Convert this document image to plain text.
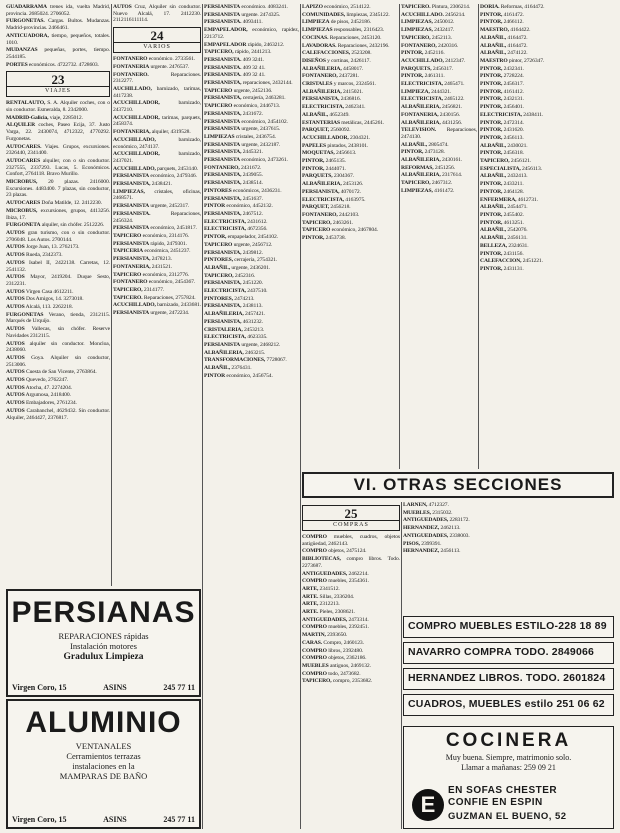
GUADARRAMA trenes ida, vuelta Madrid, provincia. 2685024. 2706052.

FURGONETAS. Cargas. Bultos. Mudanzas. Madrid-provincias. 2466461.

ANTICUADORA, tiempo, pequeños, totales. 1010.

MUDANZAS pequeñas, portes, tiempo. 2544185.

PORTES económicos. 4722732. 4728603.

23
VIAJES

RENTALAUTO, S. A. Alquiler coches, con o sin conductor. Esmeralda, 8. 2342000.

MADRID-Galicia, viaje, 2285012.

ALQUILER coches, Paseo Ecija, 37. Justo Varga, 22. 2430074, 4712322, 4770292. Furgonetas.

AUTOCARES. Viajes. Grupos, excursiones. 2326440, 2341400.

AUTOCARES alquiler, con o sin conductor. 2327555, 2337293. Lucas, 5. Económicos. Confort, 2764118. Bravo Murillo.

MICROBUS, 20 plazas. 2416000. Excursiones. 4483400. 7 plazas, sin conductor, 23 plazas.

AUTOCARES Doña Matilde, 12. 2412230.

MICROBUS, excursiones, grupos, 4413256. Ibiza, 17.

FURGONETA alquiler, sin chófer. 2512226.

AUTOS gran turismo, con o sin conductor. 2706048. Los Autos. 2700144.

AUTOS Jorge Juan, 13. 2762173.

AUTOS Rueda, 2342373.

AUTOS Isabel II, 2422138. Carretas, 12. 2541132.

AUTOS Mayor, 2419204. Duque Sesto, 2312231.

AUTOS Virgen Casa 4612211.

AUTOS Dos Amigos, 14. 3273018.

AUTOS Alcalá, 113. 2262218.

FURGONETAS Verano, tienda, 2312115. Marqués de Urquijo.

AUTOS Vallecas, sin chófer. Reserve Navidades 2312115.

AUTOS alquiler sin conductor. Moncloa, 2438060.

AUTOS Goya. Alquiler sin conductor, 2513006.

AUTOS Cuesta de San Vicente, 2763864.

AUTOS Quevedo, 2762247.

AUTOS Atocha, 47. 2274204.

AUTOS Argumosa, 2418400.

AUTOS Embajadores, 2761234.

AUTOS Carabanchel, 4629432. Sin conductor. Alquiler, 2464427, 2376817.

AUTOS Cruz, Alquiler sin conductor. Nuevo Alcalá, 17. 2412230. 2112116111114.

24
VARIOS

FONTANERO económico. 2733561.

FONTANERIA urgente. 2476537.

FONTANERO. Reparaciones. 2312277.

AUCHILLADO, barnizado, tarimas, 4417238.

ACUCHILLADOR, barnizado, 2437210.

ACUCHILLADOR, tarimas, parquets, 2458374.

FONTANERIA, alquiler, 4319528.

ACUCHILLADO, barnizado, económico, 2474137.

ACUCHILLADOR, barnizado, 2437021.

ACUCHILLADO, parquets, 2453140.

PERSIANISTA económico, 2479346.

PERSIANISTA, 2438421.

LIMPIEZAS, cristales, oficinas, 2468571.

PERSIANISTA urgente, 2452317.

PERSIANISTA. Reparaciones, 2456324.

PERSIANISTA económico, 2451817.

TAPICERO económico, 2314176.

PERSIANISTA rápido, 2479301.

TAPICERIA económica, 2451237.

PERSIANISTA, 2478213.

FONTANERIA, 2431521.

TAPICERO económico, 2312776.

FONTANERO económico, 2454367.

TAPICERO, 2314177.

TAPICERO. Reparaciones, 2757824.

ACUCHILLADO, barnizado, 2433681.

PERSIANISTA urgente, 2472234.

PERSIANISTA económico. 4083241.

PERSIANISTA urgente. 2474325.

PERSIANISTA. 4093411.

EMPAPELADOR, económico, rapidez, 2213712.

EMPAPELADOR rápido, 2463212.

TAPICERO, rápido, 2441213.

PERSIANISTA. 409 3241.

PERSIANISTA. 409 32 41.

PERSIANISTA. 409 32 41.

PERSIANISTA, reparaciones, 2432144.

TAPICERO urgente, 2452136.

PERSIANISTA, cerrajería, 2463281.

TAPICERO económico, 2446713.

PERSIANISTA, 2431672.

PERSIANISTA económico, 2454102.

PERSIANISTA urgente, 2437615.

LIMPIEZAS cristales, 2436754.

PERSIANISTA urgente, 2432187.

PERSIANISTA, 2445321.

PERSIANISTA económico, 2473261.

FONTANERO, 2431672.

PERSIANISTA, 2439055.

PERSIANISTA, 2438514.

PINTORES económicos, 2436231.

PERSIANISTA, 2451637.

PINTOR económico, 4452132.

PERSIANISTA, 2467512.

ELECTRICISTA, 2431612.

ELECTRICISTA, 4672356.

PINTOR, empapelador, 2454102.

TAPICERO urgente, 2456712.

PERSIANISTA, 2439812.

PINTORES, cerrajería, 2754321.

ALBAÑIL, urgente, 2436201.

TAPICERO, 2452316.

PERSIANISTA, 2451220.

ELECTRICISTA, 2437510.

PINTORES, 2474213.

PERSIANISTA, 2438113.

ALBAÑILERIA, 2457421.

PERSIANISTA, 4631232.

CRISTALERIA, 2453213.

ELECTRICISTA, 4623335.

PERSIANISTA urgente, 2468212.

ALBAÑILERIA, 2463215.

TRANSFORMACIONES, 7728067.

ALBAÑIL, 2376431.

PINTOR económico, 2456754.

LAPIZO económico, 2514122.

COMUNIDADES, limpiezas, 2345122.

LIMPIEZA de pisos, 2452186.

LIMPIEZAS responsables, 2316423.

COCINAS. Reparaciones, 2453120.

LAVADORAS. Reparaciones, 2432196.

CALEFACCIONES, 2523208.

DISEÑOS y cortinas, 2426117.

ALBAÑILERIA, 4458017.

FONTANERO, 2437281.

CRISTALES y marcos, 2324561.

ALBAÑILERIA, 2415021.

PERSIANISTA, 2436816.

ELECTRICISTA, 2462341.

ALBAÑIL, 4652349.

ESTANTERIAS metálicas, 2445261.

PARQUET, 2560092.

ACUCHILLADOR, 2304321.

PAPELES pintados, 2438101.

MOQUETAS, 2456613.

PINTOR, 2465135.

PINTOR, 2444071.

PARQUETS, 2304367.

ALBAÑILERIA, 2453126.

PERSIANISTA, 4070172.

ELECTRICISTA, 4163975.

PARQUET, 2456218.

FONTANERO, 2442103.

TAPICERO, 2463261.

TAPICERO económico, 2467804.

PINTOR, 2453738.

TAPICERO. Pintura, 2306214.

ACUCHILLADO. 2456214.

LIMPIEZAS, 2450012.

LIMPIEZAS, 2432417.

TAPICERO, 2452113.

FONTANERO, 2420316.

PINTOR, 2452116.

ACUCHILLADO, 2412347.

PARQUETS, 2456317.

PINTOR, 2461311.

ELECTRICISTA, 2465471.

LIMPIEZA, 2444321.

ELECTRICISTA, 2465122.

ALBAÑILERIA, 2456821.

FONTANERIA, 2430156.

ALBAÑILERIA, 4431256.

TELEVISION. Reparaciones, 2474130.

ALBAÑIL, 2805474.

PINTOR, 2473128.

ALBAÑILERIA, 2430161.

REFORMAS, 2451256.

ALBAÑILERIA, 2317614.

TAPICERO, 2467312.

LIMPIEZAS, 4161472.

DORIA. Reformas, 4164472.

PINTOR, 4161472.

PINTOR, 2466112.

MAESTRO, 4164422.

ALBAÑIL, 4164472.

ALBAÑIL, 4164472.

ALBAÑIL, 2474122.

MAESTRO pintor, 2726347.

PINTOR, 2432341.

PINTOR, 2728224.

PINTOR, 2456317.

PINTOR, 4161412.

PINTOR, 2432131.

PINTOR, 2456401.

ELECTRICISTA, 2438411.

PINTOR, 2472314.

PINTOR, 2431620.

PINTOR, 2456113.

ALBAÑIL, 2430021.

PINTOR, 2456318.

TAPICERO, 2456121.

ESPECIALISTA, 2456113.

ALBAÑIL, 2432413.

PINTOR, 2433211.

PINTOR, 2464128.

ENFERMERA, 4612731.

ALBAÑIL, 2454471.

PINTOR, 2455402.

PINTOR, 4613251.

ALBAÑIL, 2542076.

ALBAÑIL, 2456131.

BELLEZA, 2324631.

PINTOR, 2431156.

CALEFACCION, 2451221.

PINTOR, 2431131.

PERSIANAS
REPARACIONES rápidas
Instalación motores
Gradulux Limpieza
Virgen Coro, 15	ASINS	245 77 11
ALUMINIO
VENTANALES
Cerramientos terrazas
instalaciones en la
MAMPARAS DE BAÑO
Virgen Coro, 15	ASINS	245 77 11
VI. OTRAS SECCIONES
25
COMPRAS

COMPRO muebles, cuadros, objetos antigüedad, 2462143.

COMPRO objetos, 2475124.

BIBLIOTECAS, compro libros. Todo. 2273687.

ANTIGUEDADES, 2462214.

COMPRO muebles, 2354361.

ARTE, 2341512.

ARTE. Sillas, 2336204.

ARTE, 2312213.

ARTE. Pieles, 2308621.

ANTIGUEDADES, 2473314.

COMPRO muebles, 2392451.

MARTIN, 2393650.

CARAS. Compro, 2460123.

COMPRO libros, 2392480.

COMPRO objetos, 2362186.

MUEBLES antiguos, 2469132.

COMPRO todo, 2473682.

TAPICERO, compro, 2353682.

LARNEN, 4712327.

MUEBLES, 2315032.

ANTIGUEDADES, 2283172.

HERNANDEZ, 2462113.

ANTIGUEDADES, 2338003.

PISOS, 2399391.

HERNANDEZ, 2456113.

COMPRO MUEBLES ESTILO-228 18 89
NAVARRO COMPRA TODO. 2849066
HERNANDEZ LIBROS. TODO. 2601824
CUADROS, MUEBLES estilo 251 06 62
COCINERA
Muy buena. Siempre, matrimonio solo.
Llamar a mañanas: 259 09 21
E
EN SOFAS CHESTER
CONFIE EN ESPIN
GUZMAN EL BUENO, 52
